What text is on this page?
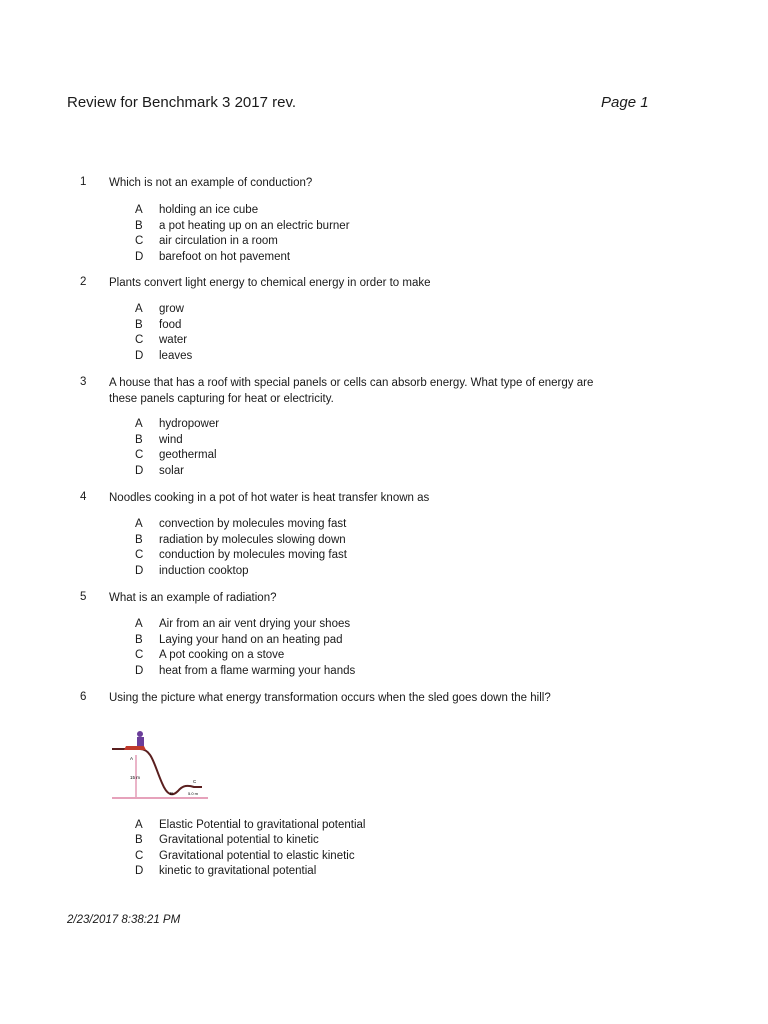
Review for Benchmark 3 2017 rev.	Page 1
1 Which is not an example of conduction?
A holding an ice cube
B a pot heating up on an electric burner
C air circulation in a room
D barefoot on hot pavement
2 Plants convert light energy to chemical energy in order to make
A grow
B food
C water
D leaves
3 A house that has a roof with special panels or cells can absorb energy. What type of energy are these panels capturing for heat or electricity.
A hydropower
B wind
C geothermal
D solar
4 Noodles cooking in a pot of hot water is heat transfer known as
A convection by molecules moving fast
B radiation by molecules slowing down
C conduction by molecules moving fast
D induction cooktop
5 What is an example of radiation?
A Air from an air vent drying your shoes
B Laying your hand on an heating pad
C A pot cooking on a stove
D heat from a flame warming your hands
6 Using the picture what energy transformation occurs when the sled goes down the hill?
15 m
A
B
C
5.0 m
A Elastic Potential to gravitational potential
B Gravitational potential to kinetic
C Gravitational potential to elastic kinetic
D kinetic to gravitational potential
2/23/2017 8:38:21 PM
